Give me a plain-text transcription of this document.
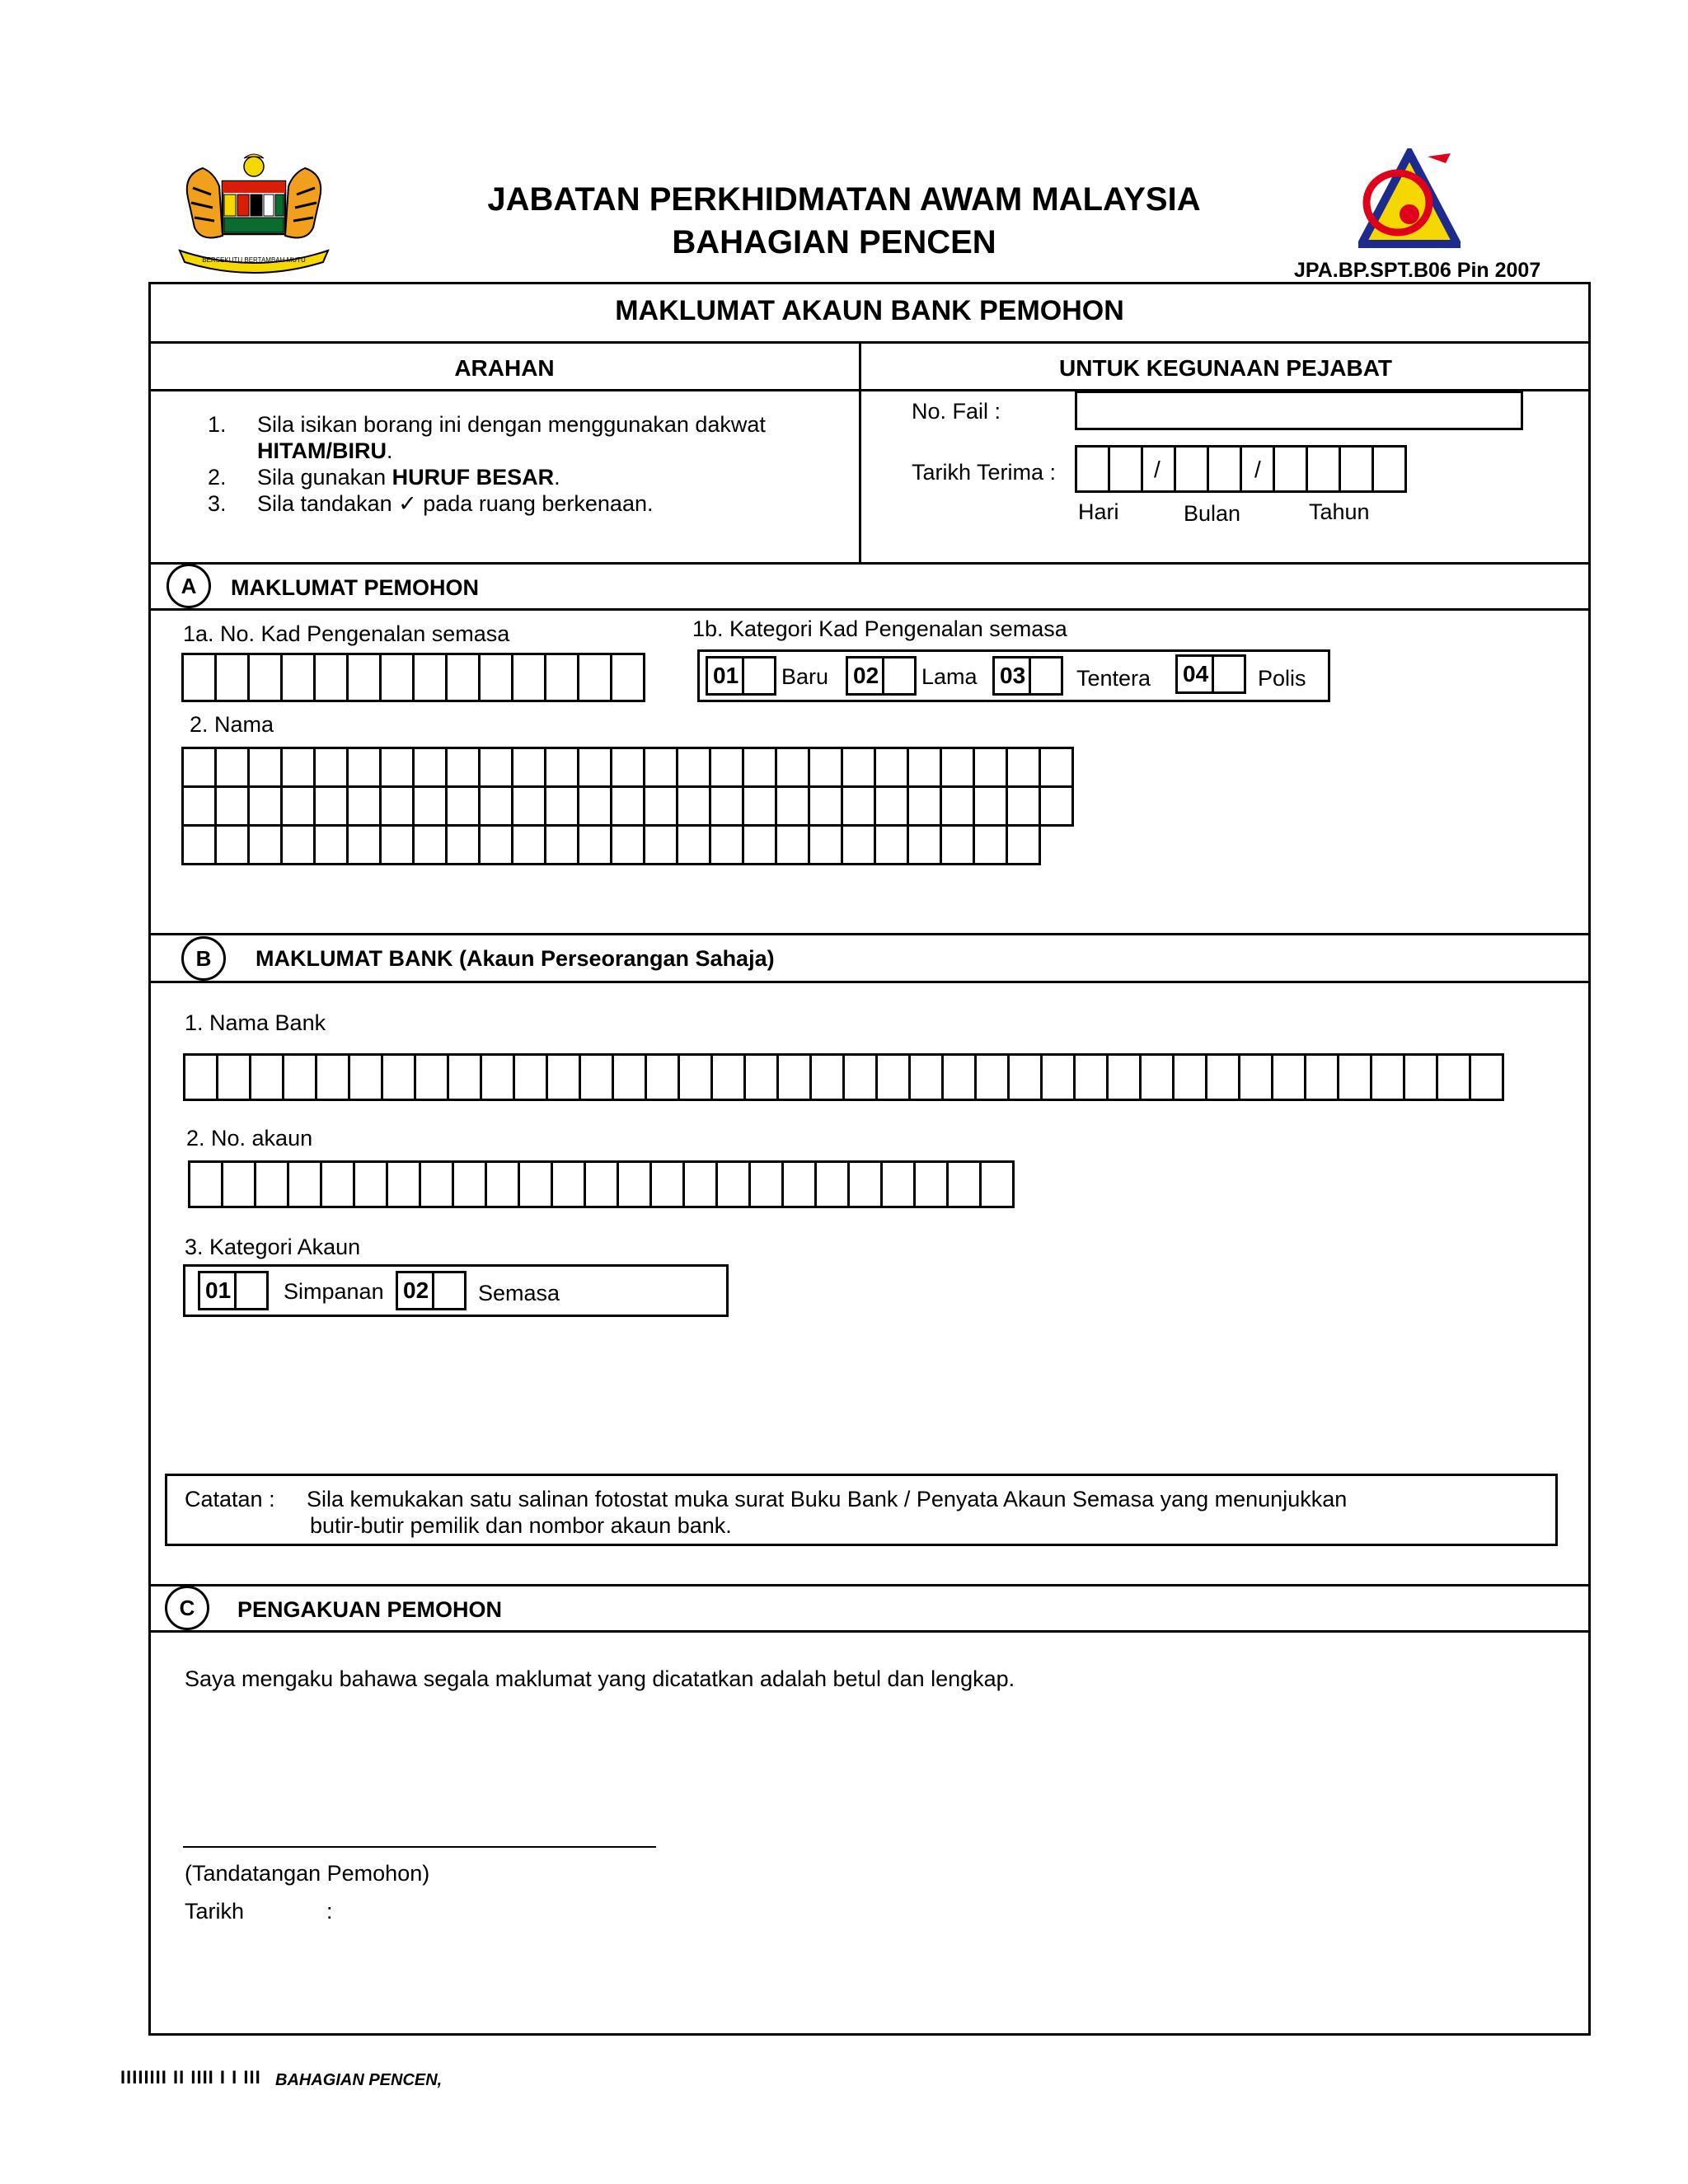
BERSEKUTU BERTAMBAH MUTU
JABATAN PERKHIDMATAN AWAM MALAYSIA
BAHAGIAN PENCEN
JPA.BP.SPT.B06 Pin 2007
MAKLUMAT AKAUN BANK PEMOHON
ARAHAN	UNTUK KEGUNAAN PEJABAT
1. Sila isikan borang ini dengan menggunakan dakwat
HITAM/BIRU.
2. Sila gunakan HURUF BESAR.
3. Sila tandakan ✓ pada ruang berkenaan.
No. Fail :
Tarikh Terima :	/	/
Hari	Bulan	Tahun
A	MAKLUMAT PEMOHON
1a. No. Kad Pengenalan semasa	1b. Kategori Kad Pengenalan semasa
01 Baru 02 Lama 03 Tentera 04 Polis
2. Nama
B	MAKLUMAT BANK (Akaun Perseorangan Sahaja)
1. Nama Bank
2. No. akaun
3. Kategori Akaun
01 Simpanan 02 Semasa
Catatan : Sila kemukakan satu salinan fotostat muka surat Buku Bank / Penyata Akaun Semasa yang menunjukkan
butir-butir pemilik dan nombor akaun bank.
C	PENGAKUAN PEMOHON
Saya mengaku bahawa segala maklumat yang dicatatkan adalah betul dan lengkap.
(Tandatangan Pemohon)
Tarikh	:
IIIIIIII II IIII I I III BAHAGIAN PENCEN,
